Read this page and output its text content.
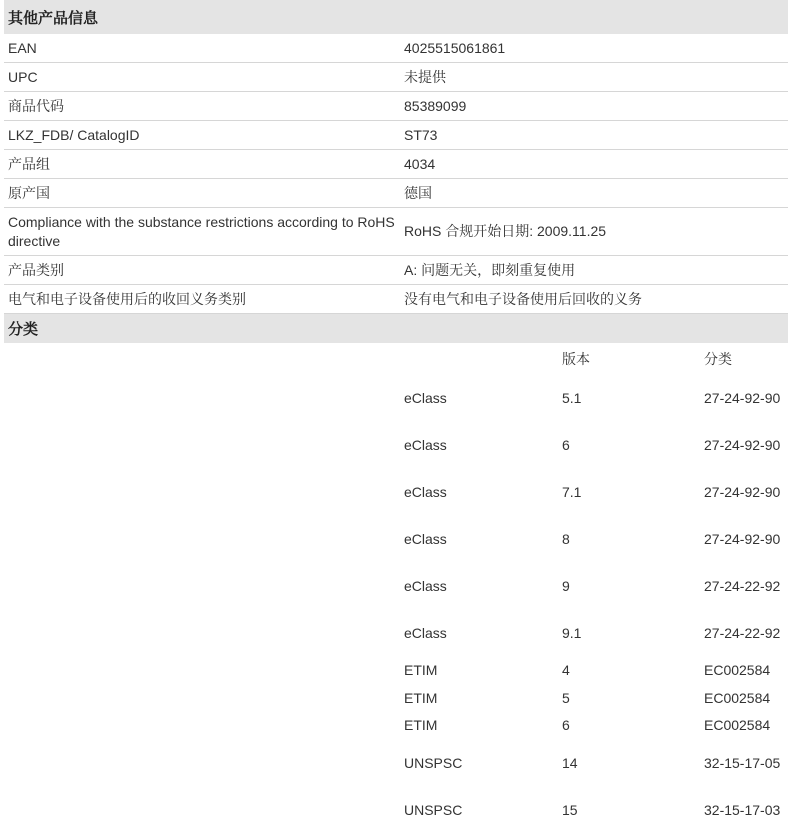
其他产品信息
EAN	4025515061861
UPC	未提供
商品代码	85389099
LKZ_FDB/ CatalogID	ST73
产品组	4034
原产国	德国
Compliance with the substance restrictions according to RoHS directive	RoHS 合规开始日期: 2009.11.25
产品类别	A: 问题无关，即刻重复使用
电气和电子设备使用后的收回义务类别	没有电气和电子设备使用后回收的义务
分类
	版本	分类
eClass	5.1	27-24-92-90
eClass	6	27-24-92-90
eClass	7.1	27-24-92-90
eClass	8	27-24-92-90
eClass	9	27-24-22-92
eClass	9.1	27-24-22-92
ETIM	4	EC002584
ETIM	5	EC002584
ETIM	6	EC002584
UNSPSC	14	32-15-17-05
UNSPSC	15	32-15-17-03
